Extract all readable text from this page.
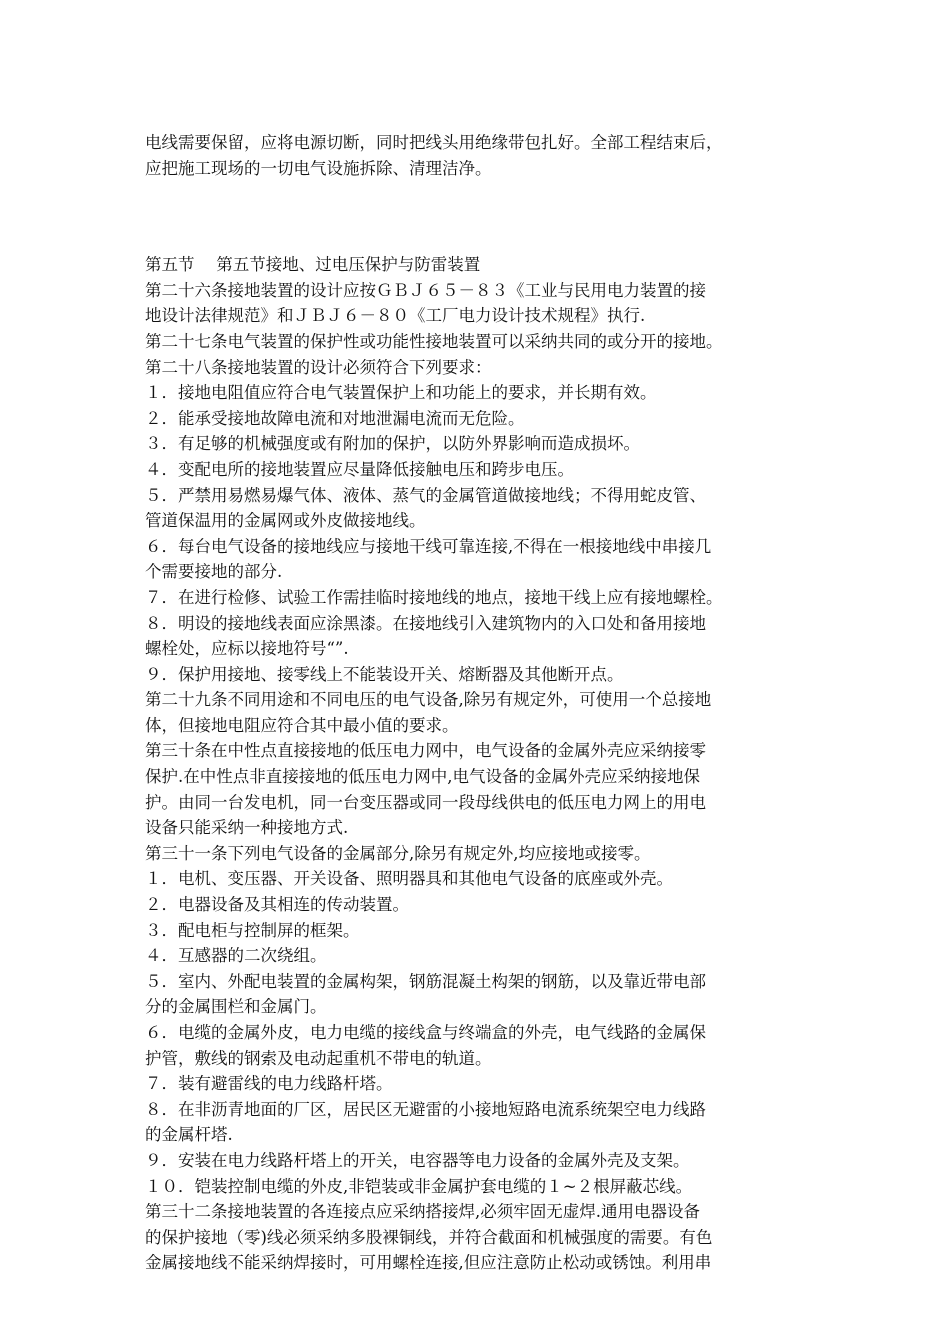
电线需要保留，应将电源切断，同时把线头用绝缘带包扎好。全部工程结束后，

应把施工现场的一切电气设施拆除、清理洁净。

第五节　 第五节接地、过电压保护与防雷装置

第二十六条接地装置的设计应按ＧＢＪ６５－８３《工业与民用电力装置的接

地设计法律规范》和ＪＢＪ６－８０《工厂电力设计技术规程》执行.

第二十七条电气装置的保护性或功能性接地装置可以采纳共同的或分开的接地。

第二十八条接地装置的设计必须符合下列要求：

１．接地电阻值应符合电气装置保护上和功能上的要求，并长期有效。

２．能承受接地故障电流和对地泄漏电流而无危险。

３．有足够的机械强度或有附加的保护，以防外界影响而造成损坏。

４．变配电所的接地装置应尽量降低接触电压和跨步电压。

５．严禁用易燃易爆气体、液体、蒸气的金属管道做接地线；不得用蛇皮管、

管道保温用的金属网或外皮做接地线。

６．每台电气设备的接地线应与接地干线可靠连接,不得在一根接地线中串接几

个需要接地的部分.

７．在进行检修、试验工作需挂临时接地线的地点，接地干线上应有接地螺栓。

８．明设的接地线表面应涂黑漆。在接地线引入建筑物内的入口处和备用接地

螺栓处，应标以接地符号“”.

９．保护用接地、接零线上不能装设开关、熔断器及其他断开点。

第二十九条不同用途和不同电压的电气设备,除另有规定外，可使用一个总接地

体，但接地电阻应符合其中最小值的要求。

第三十条在中性点直接接地的低压电力网中，电气设备的金属外壳应采纳接零

保护.在中性点非直接接地的低压电力网中,电气设备的金属外壳应采纳接地保

护。由同一台发电机，同一台变压器或同一段母线供电的低压电力网上的用电

设备只能采纳一种接地方式.

第三十一条下列电气设备的金属部分,除另有规定外,均应接地或接零。

１．电机、变压器、开关设备、照明器具和其他电气设备的底座或外壳。

２．电器设备及其相连的传动装置。

３．配电柜与控制屏的框架。

４．互感器的二次绕组。

５．室内、外配电装置的金属构架，钢筋混凝土构架的钢筋，以及靠近带电部

分的金属围栏和金属门。

６．电缆的金属外皮，电力电缆的接线盒与终端盒的外壳，电气线路的金属保

护管，敷线的钢索及电动起重机不带电的轨道。

７．装有避雷线的电力线路杆塔。

８．在非沥青地面的厂区，居民区无避雷的小接地短路电流系统架空电力线路

的金属杆塔.

９．安装在电力线路杆塔上的开关，电容器等电力设备的金属外壳及支架。

１０．铠装控制电缆的外皮,非铠装或非金属护套电缆的１~２根屏蔽芯线。

第三十二条接地装置的各连接点应采纳搭接焊,必须牢固无虚焊.通用电器设备

的保护接地（零)线必须采纳多股裸铜线，并符合截面和机械强度的需要。有色

金属接地线不能采纳焊接时，可用螺栓连接,但应注意防止松动或锈蚀。利用串
